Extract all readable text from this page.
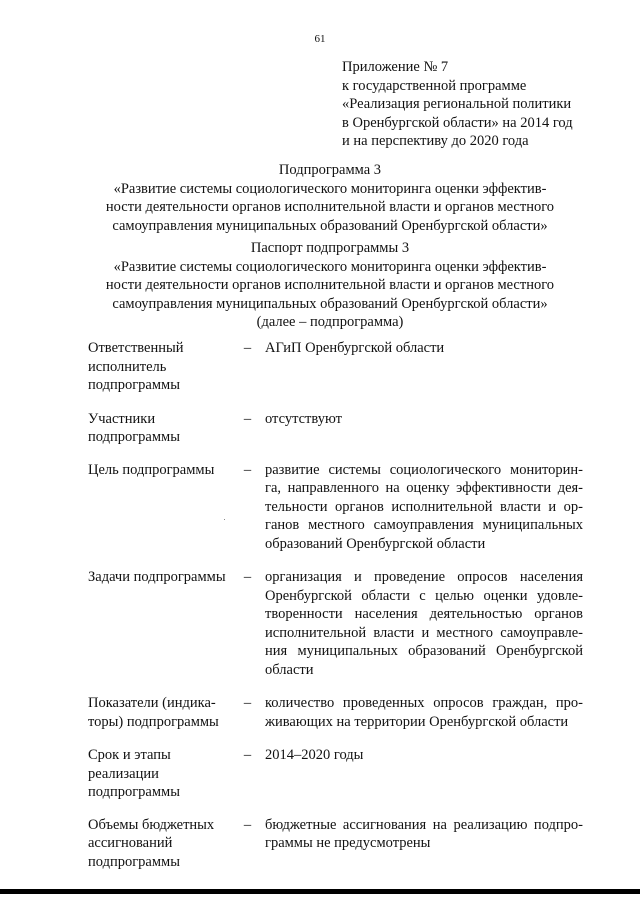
61
Приложение № 7
к государственной программе
«Реализация региональной политики
в Оренбургской области» на 2014 год
и на перспективу до 2020 года
Подпрограмма 3
«Развитие системы социологического мониторинга оценки эффектив-
ности деятельности органов исполнительной власти и органов местного
самоуправления муниципальных образований Оренбургской области»
Паспорт подпрограммы 3
«Развитие системы социологического мониторинга оценки эффектив-
ности деятельности органов исполнительной власти и органов местного
самоуправления муниципальных образований Оренбургской области»
(далее – подпрограмма)
Ответственный
исполнитель
подпрограммы
– АГиП Оренбургской области
Участники
подпрограммы
– отсутствуют
Цель подпрограммы	– развитие системы социологического мониторин-
га, направленного на оценку эффективности дея-
тельности органов исполнительной власти и ор-
ганов местного самоуправления муниципальных
образований Оренбургской области
Задачи подпрограммы	– организация и проведение опросов населения
Оренбургской области с целью оценки удовле-
творенности населения деятельностью органов
исполнительной власти и местного самоуправле-
ния муниципальных образований Оренбургской
области
Показатели (индика-
торы) подпрограммы
– количество проведенных опросов граждан, про-
живающих на территории Оренбургской области
Срок и этапы
реализации
подпрограммы
– 2014–2020 годы
Объемы бюджетных
ассигнований
подпрограммы
– бюджетные ассигнования на реализацию подпро-
граммы не предусмотрены
